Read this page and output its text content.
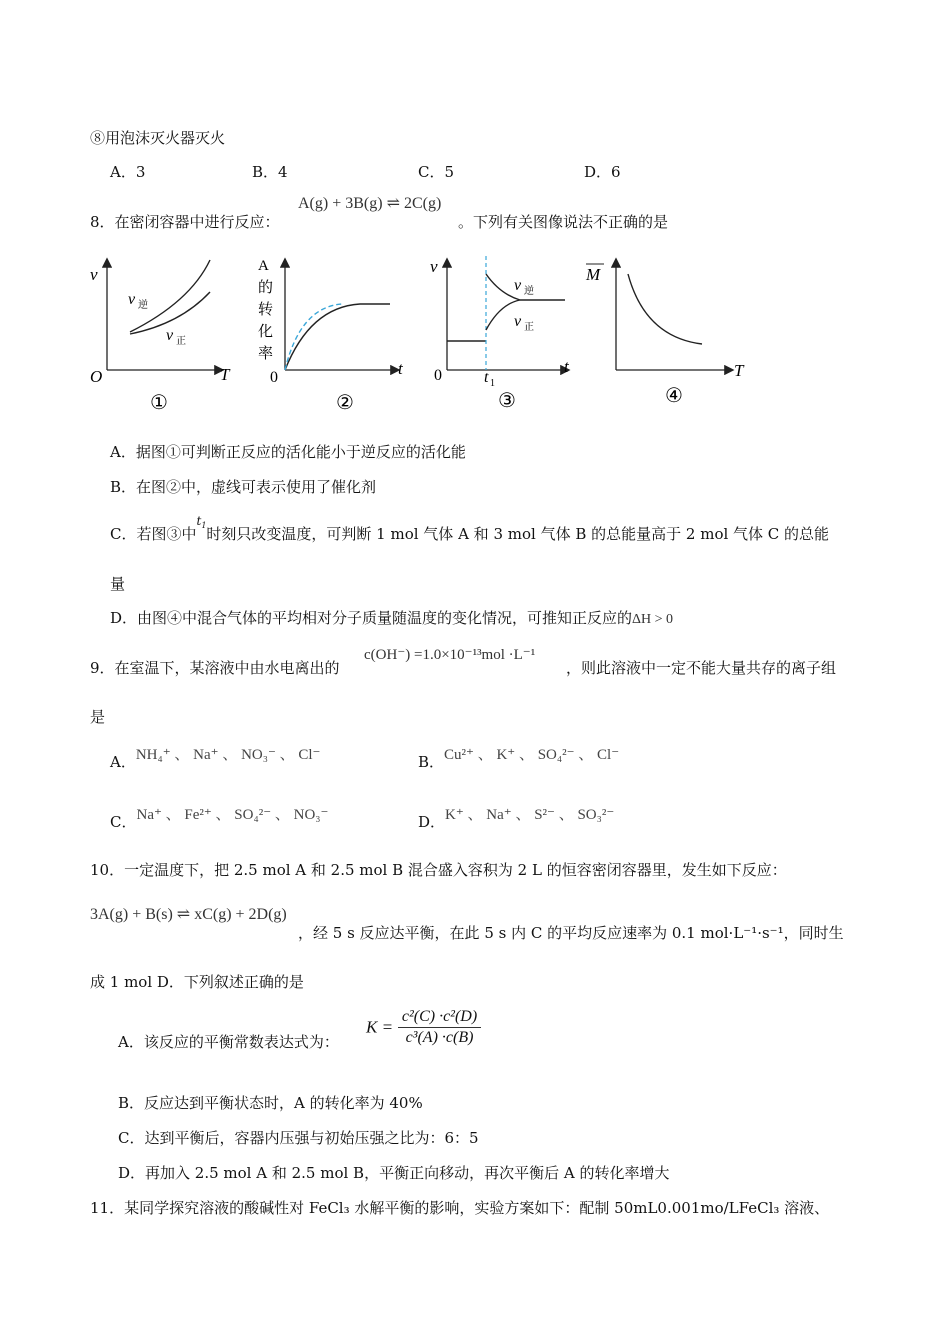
⑧用泡沫灭火器灭火
A．3	B．4	C．5	D．6
8．在密闭容器中进行反应：
A(g) + 3B(g) ⇌ 2C(g)
。下列有关图像说法不正确的是
v
v 逆
v 正
O	T
①
A
的
转
化
率
0	t
②
v
v 逆
v 正
0	t 1
t
③
M
T
④
A．据图①可判断正反应的活化能小于逆反应的活化能
B．在图②中，虚线可表示使用了催化剂
C．若图③中$^{t_1}$时刻只改变温度，可判断 1 mol 气体 A 和 3 mol 气体 B 的总能量高于 2 mol 气体 C 的总能
量
D．由图④中混合气体的平均相对分子质量随温度的变化情况，可推知正反应的ΔH > 0
9．在室温下，某溶液中由水电离出的
c(OH⁻) =1.0×10⁻¹³mol ·L⁻¹
，则此溶液中一定不能大量共存的离子组
是
A．NH₄⁺ 、 Na⁺ 、 NO₃⁻ 、 Cl⁻	B．Cu²⁺ 、 K⁺ 、 SO₄²⁻ 、 Cl⁻
C．Na⁺ 、 Fe²⁺ 、 SO₄²⁻ 、 NO₃⁻	D．K⁺ 、 Na⁺ 、 S²⁻ 、 SO₃²⁻
10．一定温度下，把 2.5 mol A 和 2.5 mol B 混合盛入容积为 2 L 的恒容密闭容器里，发生如下反应：
3A(g) + B(s) ⇌ xC(g) + 2D(g)
，经 5 s 反应达平衡，在此 5 s 内 C 的平均反应速率为 0.1 mol·L⁻¹·s⁻¹，同时生
成 1 mol D．下列叙述正确的是
A．该反应的平衡常数表达式为：
$K = \frac{\text{c²(C) ·c²(D)}}{\text{c³(A) ·c(B)}}$
B．反应达到平衡状态时，A 的转化率为 40%
C．达到平衡后，容器内压强与初始压强之比为：6：5
D．再加入 2.5 mol A 和 2.5 mol B，平衡正向移动，再次平衡后 A 的转化率增大
11．某同学探究溶液的酸碱性对 FeCl₃ 水解平衡的影响，实验方案如下：配制 50mL0.001mo/LFeCl₃ 溶液、
